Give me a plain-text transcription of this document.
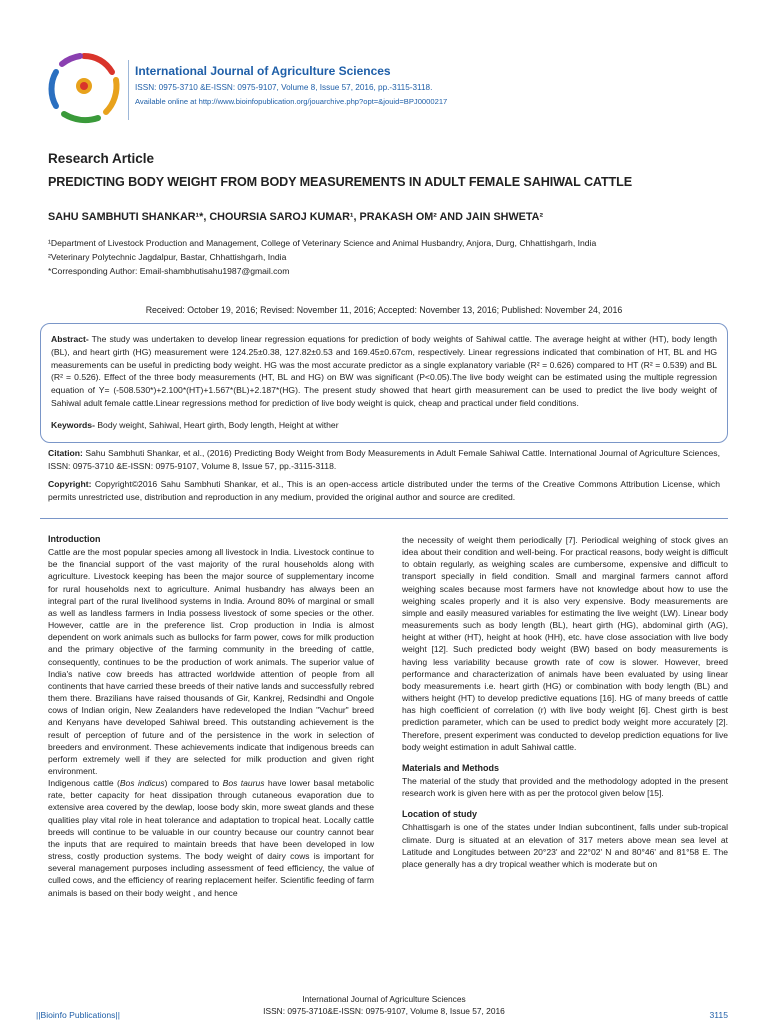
International Journal of Agriculture Sciences
ISSN: 0975-3710 &E-ISSN: 0975-9107, Volume 8, Issue 57, 2016, pp.-3115-3118.
Available online at http://www.bioinfopublication.org/jouarchive.php?opt=&jouid=BPJ0000217
Research Article
PREDICTING BODY WEIGHT FROM BODY MEASUREMENTS IN ADULT FEMALE SAHIWAL CATTLE
SAHU SAMBHUTI SHANKAR¹*, CHOURSIA SAROJ KUMAR¹, PRAKASH OM² AND JAIN SHWETA²
¹Department of Livestock Production and Management, College of Veterinary Science and Animal Husbandry, Anjora, Durg, Chhattishgarh, India
²Veterinary Polytechnic Jagdalpur, Bastar, Chhattishgarh, India
*Corresponding Author: Email-shambhutisahu1987@gmail.com
Received: October 19, 2016; Revised: November 11, 2016; Accepted: November 13, 2016; Published: November 24, 2016
Abstract- The study was undertaken to develop linear regression equations for prediction of body weights of Sahiwal cattle. The average height at wither (HT), body length (BL), and heart girth (HG) measurement were 124.25±0.38, 127.82±0.53 and 169.45±0.67cm, respectively. Linear regressions indicated that combination of HT, BL and HG measurements can be useful in predicting body weight. HG was the most accurate predictor as a single explanatory variable (R² = 0.626) compared to HT (R² = 0.539) and BL (R² = 0.526). Effect of the three body measurements (HT, BL and HG) on BW was significant (P<0.05).The live body weight can be estimated using the multiple regression equation of Y= (-508.530*)+2.100*(HT)+1.567*(BL)+2.187*(HG). The present study showed that heart girth measurement can be used to predict the live body weight of Sahiwal adult female cattle.Linear regressions method for prediction of live body weight is quick, cheap and practical under field conditions.
Keywords- Body weight, Sahiwal, Heart girth, Body length, Height at wither
Citation: Sahu Sambhuti Shankar, et al., (2016) Predicting Body Weight from Body Measurements in Adult Female Sahiwal Cattle. International Journal of Agriculture Sciences, ISSN: 0975-3710 &E-ISSN: 0975-9107, Volume 8, Issue 57, pp.-3115-3118.
Copyright: Copyright©2016 Sahu Sambhuti Shankar, et al., This is an open-access article distributed under the terms of the Creative Commons Attribution License, which permits unrestricted use, distribution and reproduction in any medium, provided the original author and source are credited.
Introduction

Cattle are the most popular species among all livestock in India. Livestock continue to be the financial support of the vast majority of the rural households along with agriculture. Livestock keeping has been the major source of supplementary income for rural households next to agriculture. Animal husbandry has always been an integral part of the rural livelihood systems in India. Around 80% of marginal or small as well as landless farmers in India possess livestock of some species or the other. However, cattle are in the preference list. Crop production in India is almost dependent on work animals such as bullocks for farm power, cows for milk production and the primary objective of the farming community in the breeding of cattle, consequently, continues to be the production of work animals. The superior value of India's native cow breeds has attracted worldwide attention of people from all continents that have carried these breeds of their native lands and successfully rebred them there. Brazilians have raised thousands of Gir, Kankrej, Redsindhi and Ongole cows of Indian origin, New Zealanders have redeveloped the Indian "Vachur" breed and Kenyans have developed Sahiwal breed. This outstanding achievement is the result of perception of future and of the persistence in the work in selection of breeders and environment. These achievements indicate that indigenous breeds can perform extremely well if they are selected for milk production and given right environment.

Indigenous cattle (Bos indicus) compared to Bos taurus have lower basal metabolic rate, better capacity for heat dissipation through cutaneous evaporation due to extensive area covered by the dewlap, loose body skin, more sweat glands and these qualities play vital role in heat tolerance and adaptation to tropical heat. Locally cattle breeds will continue to be valuable in our country because our country cannot bear the inputs that are required to maintain breeds that have been developed in low stress, costly production systems. The body weight of dairy cows is important for several management purposes including assessment of feed efficiency, the value of culled cows, and the efficiency of rearing replacement heifer. Scientific feeding of farm animals is based on their body weight , and hence

the necessity of weight them periodically [7]. Periodical weighing of stock gives an idea about their condition and well-being. For practical reasons, body weight is difficult to obtain regularly, as weighing scales are cumbersome, expensive and difficult to transport specially in field condition. Small and marginal farmers cannot afford weighing scales because most farmers have not knowledge about how to use the weighing scales properly and it is also very expensive. Body measurements are simple and easily measured variables for estimating the live weight (LW). Linear body measurements such as body length (BL), heart girth (HG), abdominal girth (AG), height at wither (HT), height at hook (HH), etc. have close association with live body weight [12]. Such predicted body weight (BW) based on body measurements is having less variability because growth rate of cow is slower. However, breed performance and characterization of animals have been evaluated by using linear body measurements i.e. heart girth (HG) or combination with body length (BL) and withers height (HT) to develop predictive equations [16]. HG of many breeds of cattle has high coefficient of correlation (r) with live body weight [6]. Chest girth is best prediction parameter, which can be used to predict body weight more accurately [2]. Therefore, present experiment was conducted to develop prediction equations for live body weight estimation in adult Sahiwal cattle.

Materials and Methods

The material of the study that provided and the methodology adopted in the present research work is given here with as per the protocol given below [15].

Location of study

Chhattisgarh is one of the states under Indian subcontinent, falls under sub-tropical climate. Durg is situated at an elevation of 317 meters above mean sea level at Latitude and Longitudes between 20°23' and 22°02' N and 80°46' and 81°58 E. The place generally has a dry tropical weather which is moderate but on

International Journal of Agriculture Sciences
ISSN: 0975-3710&E-ISSN: 0975-9107, Volume 8, Issue 57, 2016
||Bioinfo Publications||	3115
